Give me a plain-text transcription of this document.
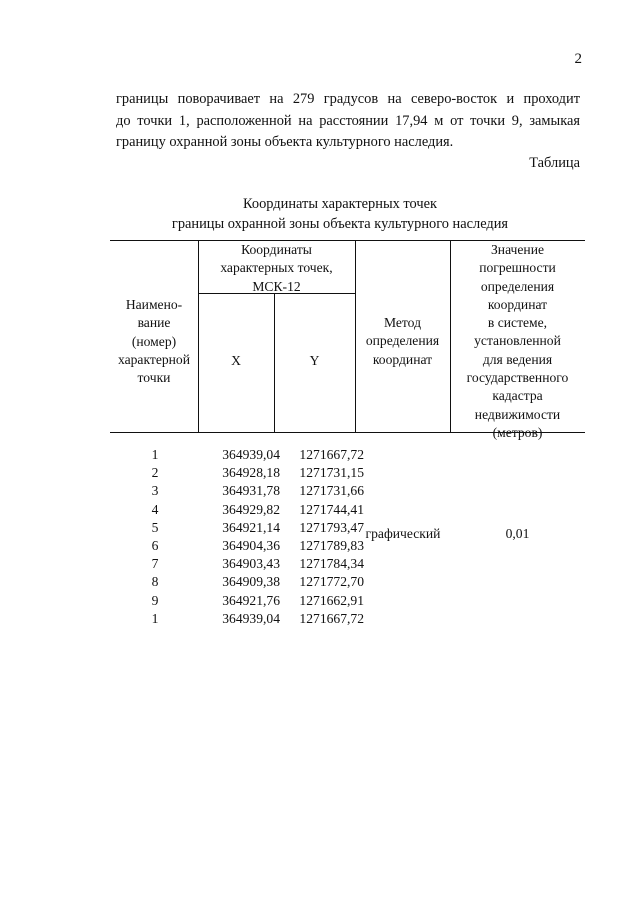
2
границы поворачивает на 279 градусов на северо-восток и проходит
до точки 1, расположенной на расстоянии 17,94 м от точки 9, замыкая
границу охранной зоны объекта культурного наследия.
Таблица
Координаты характерных точек
границы охранной зоны объекта культурного наследия
Наимено-
вание
(номер)
характерной
точки
Координаты
характерных точек,
МСК-12
X	Y
Метод
определения
координат
Значение
погрешности
определения
координат
в системе,
установленной
для ведения
государственного
кадастра
недвижимости
(метров)
1	364939,04	1271667,72
2	364928,18	1271731,15
3	364931,78	1271731,66
4	364929,82	1271744,41
5	364921,14	1271793,47
6	364904,36	1271789,83
7	364903,43	1271784,34
8	364909,38	1271772,70
9	364921,76	1271662,91
1	364939,04	1271667,72
графический	0,01
